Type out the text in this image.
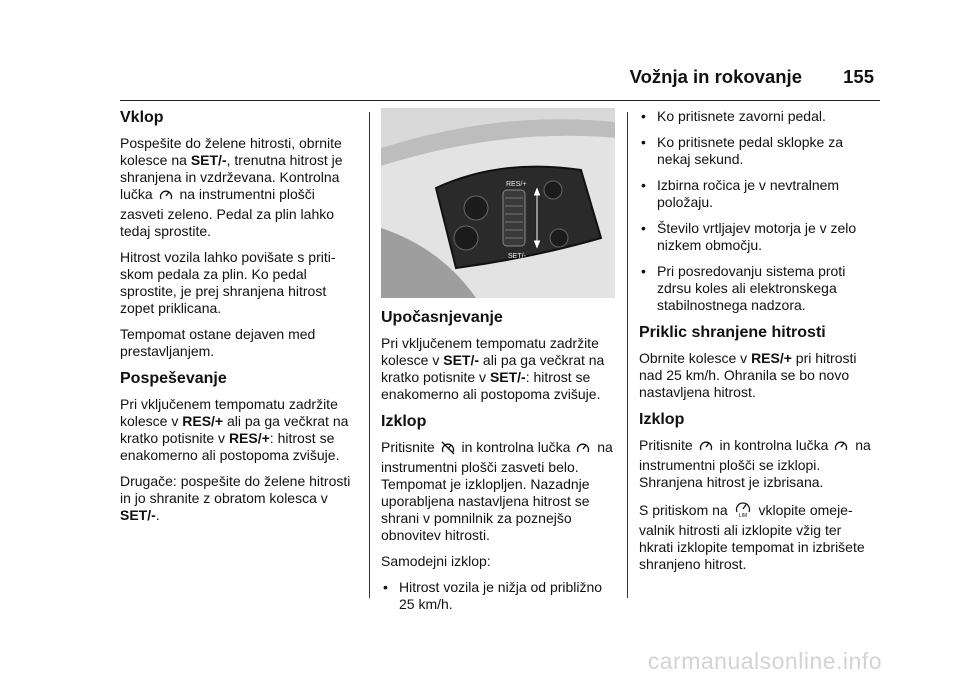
Vožnja in rokovanje 155
Vklop

Pospešite do želene hitrosti, obrnite kolesce na SET/-, trenutna hitrost je shranjena in vzdrževana. Kontrolna lučka  na instrumentni plošči zasveti zeleno. Pedal za plin lahko tedaj sprostite.

Hitrost vozila lahko povišate s pritiskom pedala za plin. Ko pedal sprostite, je prej shranjena hitrost zopet priklicana.

Tempomat ostane dejaven med prestavljanjem.

Pospeševanje

Pri vključenem tempomatu zadržite kolesce v RES/+ ali pa ga večkrat na kratko potisnite v RES/+: hitrost se enakomerno ali postopoma zvišuje.

Drugače: pospešite do želene hitrosti in jo shranite z obratom kolesca v SET/-.

RES/+
SET/-
Upočasnjevanje

Pri vključenem tempomatu zadržite kolesce v SET/- ali pa ga večkrat na kratko potisnite v SET/-: hitrost se enakomerno ali postopoma zvišuje.

Izklop

Pritisnite  in kontrolna lučka  na instrumentni plošči zasveti belo. Tempomat je izklopljen. Nazadnje uporabljena nastavljena hitrost se shrani v pomnilnik za poznejšo obnovitev hitrosti.

Samodejni izklop:

• Hitrost vozila je nižja od približno 25 km/h.
• Ko pritisnete zavorni pedal.
• Ko pritisnete pedal sklopke za nekaj sekund.
• Izbirna ročica je v nevtralnem položaju.
• Število vrtljajev motorja je v zelo nizkem območju.
• Pri posredovanju sistema proti zdrsu koles ali elektronskega stabilnostnega nadzora.
Priklic shranjene hitrosti

Obrnite kolesce v RES/+ pri hitrosti nad 25 km/h. Ohranila se bo novo nastavljena hitrost.

Izklop

Pritisnite  in kontrolna lučka  na instrumentni plošči se izklopi. Shranjena hitrost je izbrisana.

S pritiskom na LIM vklopite omejevalnik hitrosti ali izklopite vžig ter hkrati izklopite tempomat in izbrišete shranjeno hitrost.

carmanualsonline.info
